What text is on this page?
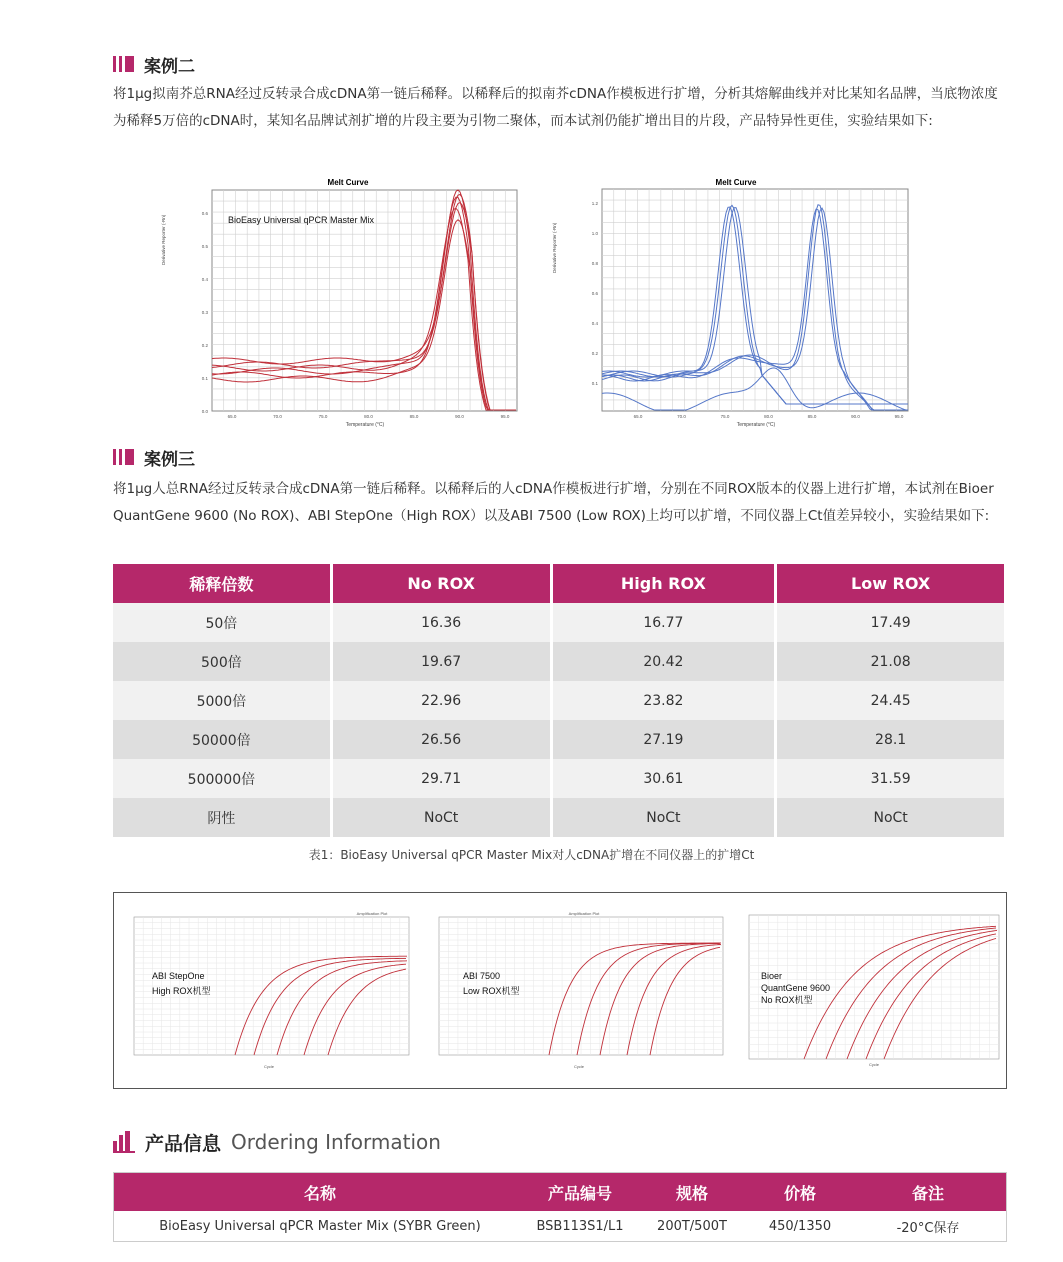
案例二
将1μg拟南芥总RNA经过反转录合成cDNA第一链后稀释。以稀释后的拟南芥cDNA作模板进行扩增，分析其熔解曲线并对比某知名品牌，当底物浓度为稀释5万倍的cDNA时，某知名品牌试剂扩增的片段主要为引物二聚体，而本试剂仍能扩增出目的片段，产品特异性更佳，实验结果如下:
Melt Curve
BioEasy Universal qPCR Master Mix
Derivative Reporter (-Rn)
Temperature (°C)
0.0
0.1
0.2
0.3
0.4
0.5
0.6
65.0	70.0	75.0	80.0	85.0	90.0	95.0
Melt Curve
Derivative Reporter (-Rn)
Temperature (°C)
1.2
1.0
0.8
0.6
0.4
0.2
0.1
65.0	70.0	75.0	80.0	85.0	90.0	95.0
案例三
将1μg人总RNA经过反转录合成cDNA第一链后稀释。以稀释后的人cDNA作模板进行扩增，分别在不同ROX版本的仪器上进行扩增，本试剂在Bioer QuantGene 9600 (No ROX)、ABI StepOne（High ROX）以及ABI 7500 (Low ROX)上均可以扩增，不同仪器上Ct值差异较小，实验结果如下:
稀释倍数	No ROX	High ROX	Low ROX
50倍	16.36	16.77	17.49
500倍	19.67	20.42	21.08
5000倍	22.96	23.82	24.45
50000倍	26.56	27.19	28.1
500000倍	29.71	30.61	31.59
阴性	NoCt	NoCt	NoCt
表1：BioEasy Universal qPCR Master Mix对人cDNA扩增在不同仪器上的扩增Ct
Amplification Plot
ABI StepOne
High ROX机型
Cycle
Amplification Plot
ABI 7500
Low ROX机型
Cycle
Bioer
QuantGene 9600
No ROX机型
Cycle
产品信息 Ordering Information
名称	产品编号	规格	价格	备注
BioEasy Universal qPCR Master Mix (SYBR Green)	BSB113S1/L1	200T/500T	450/1350	-20°C保存
